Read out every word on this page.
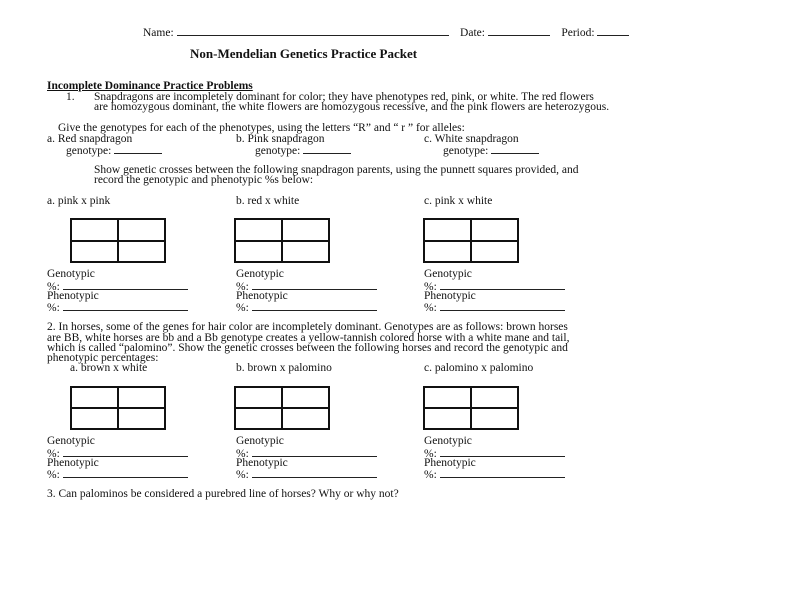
Name:	Date:	Period:
Non-Mendelian Genetics Practice Packet
Incomplete Dominance Practice Problems
1. Snapdragons are incompletely dominant for color; they have phenotypes red, pink, or white. The red flowers
are homozygous dominant, the white flowers are homozygous recessive, and the pink flowers are heterozygous.
Give the genotypes for each of the phenotypes, using the letters “R” and “ r ” for alleles:
a. Red snapdragon
genotype:
b. Pink snapdragon
genotype:
c. White snapdragon
genotype:
Show genetic crosses between the following snapdragon parents, using the punnett squares provided, and
record the genotypic and phenotypic %s below:
a. pink x pink	b. red x white	c. pink x white
Genotypic
%:
Phenotypic
%:
Genotypic
%:
Phenotypic
%:
Genotypic
%:
Phenotypic
%:
2. In horses, some of the genes for hair color are incompletely dominant. Genotypes are as follows: brown horses
are BB, white horses are bb and a Bb genotype creates a yellow-tannish colored horse with a white mane and tail,
which is called “palomino”. Show the genetic crosses between the following horses and record the genotypic and
phenotypic percentages:
a. brown x white	b. brown x palomino	c. palomino x palomino
Genotypic
%:
Phenotypic
%:
Genotypic
%:
Phenotypic
%:
Genotypic
%:
Phenotypic
%:
3. Can palominos be considered a purebred line of horses? Why or why not?
